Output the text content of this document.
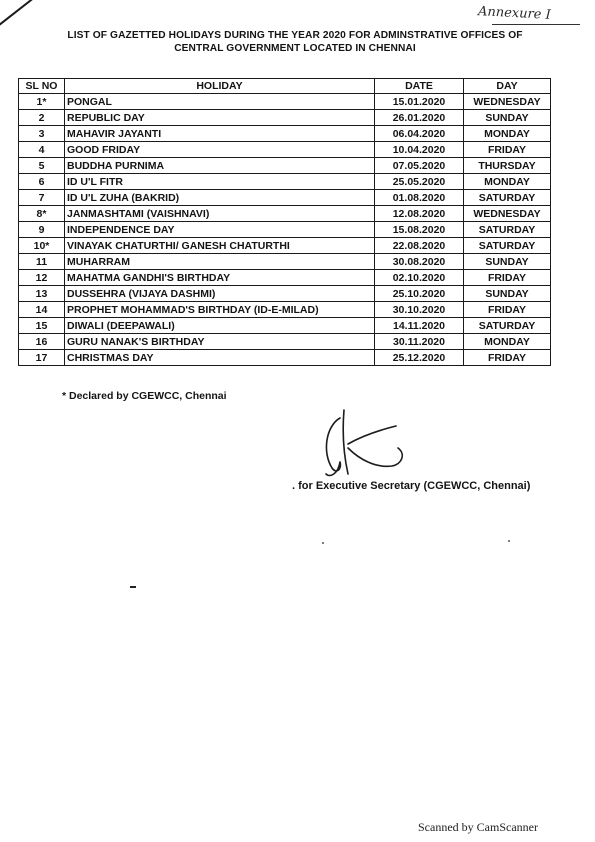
Annexure I
LIST OF GAZETTED HOLIDAYS DURING THE YEAR 2020 FOR ADMINSTRATIVE OFFICES OF
CENTRAL GOVERNMENT LOCATED IN CHENNAI
SL NO	HOLIDAY	DATE	DAY
1*	PONGAL	15.01.2020	WEDNESDAY
2	REPUBLIC DAY	26.01.2020	SUNDAY
3	MAHAVIR JAYANTI	06.04.2020	MONDAY
4	GOOD FRIDAY	10.04.2020	FRIDAY
5	BUDDHA PURNIMA	07.05.2020	THURSDAY
6	ID U'L FITR	25.05.2020	MONDAY
7	ID U'L ZUHA (BAKRID)	01.08.2020	SATURDAY
8*	JANMASHTAMI (VAISHNAVI)	12.08.2020	WEDNESDAY
9	INDEPENDENCE DAY	15.08.2020	SATURDAY
10*	VINAYAK CHATURTHI/ GANESH CHATURTHI	22.08.2020	SATURDAY
11	MUHARRAM	30.08.2020	SUNDAY
12	MAHATMA GANDHI'S BIRTHDAY	02.10.2020	FRIDAY
13	DUSSEHRA (VIJAYA DASHMI)	25.10.2020	SUNDAY
14	PROPHET MOHAMMAD'S BIRTHDAY (ID-E-MILAD)	30.10.2020	FRIDAY
15	DIWALI (DEEPAWALI)	14.11.2020	SATURDAY
16	GURU NANAK'S BIRTHDAY	30.11.2020	MONDAY
17	CHRISTMAS DAY	25.12.2020	FRIDAY
* Declared by CGEWCC, Chennai
. for Executive Secretary (CGEWCC, Chennai)
Scanned by CamScanner
